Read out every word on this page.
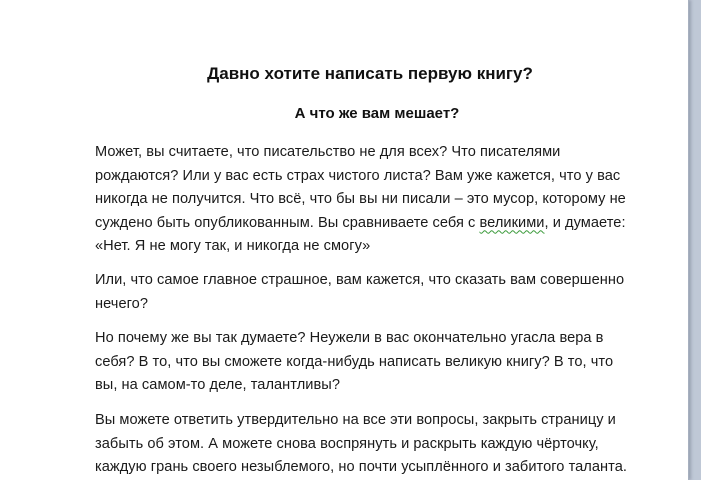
Давно хотите написать первую книгу?
А что же вам мешает?

Может, вы считаете, что писательство не для всех? Что писателями
рождаются? Или у вас есть страх чистого листа? Вам уже кажется, что у вас
никогда не получится. Что всё, что бы вы ни писали – это мусор, которому не
суждено быть опубликованным. Вы сравниваете себя с великими, и думаете:
«Нет. Я не могу так, и никогда не смогу»

Или, что самое главное страшное, вам кажется, что сказать вам совершенно
нечего?

Но почему же вы так думаете? Неужели в вас окончательно угасла вера в
себя? В то, что вы сможете когда-нибудь написать великую книгу? В то, что
вы, на самом-то деле, талантливы?

Вы можете ответить утвердительно на все эти вопросы, закрыть страницу и
забыть об этом. А можете снова воспрянуть и раскрыть каждую чёрточку,
каждую грань своего незыблемого, но почти усыплённого и забитого таланта.
